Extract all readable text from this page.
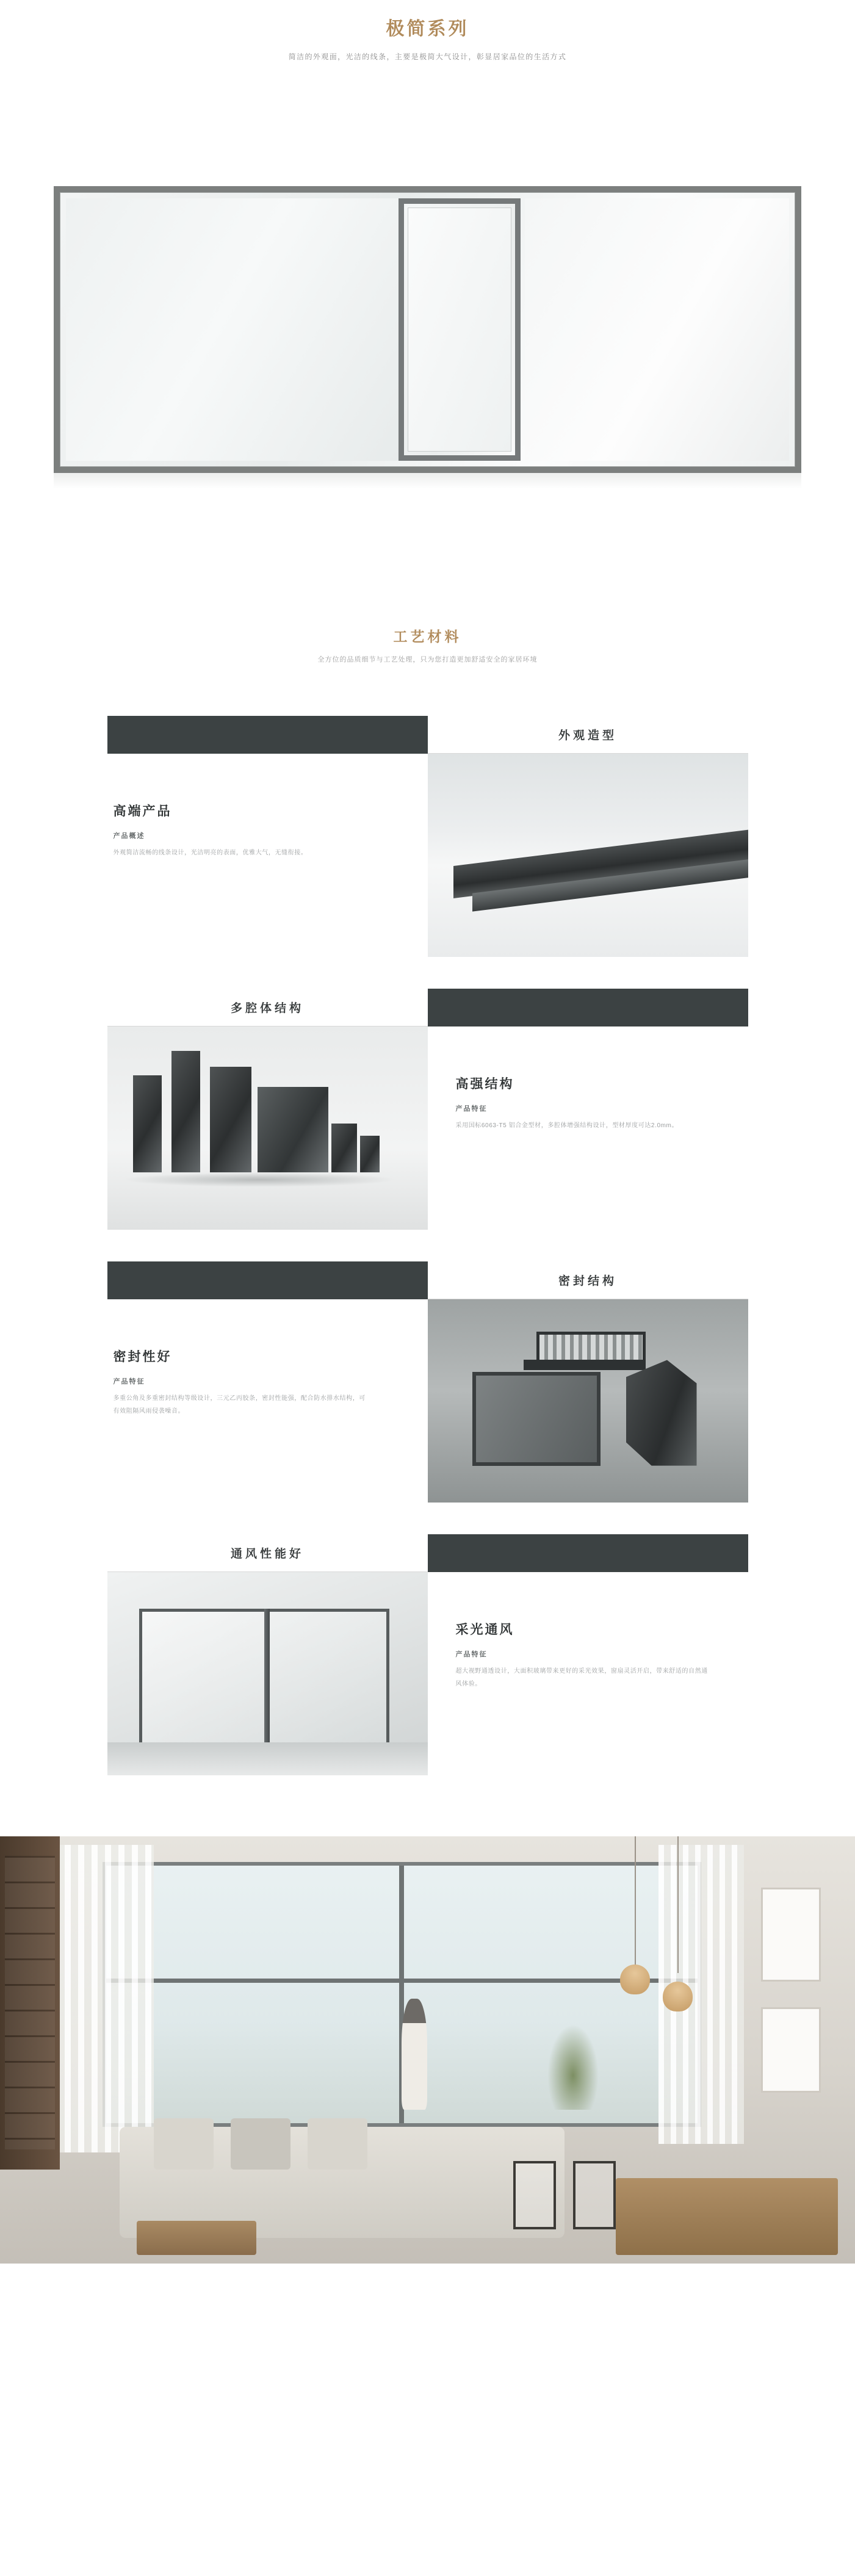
极简系列

简洁的外观面，光洁的线条，主要是极简大气设计，彰显居家品位的生活方式

工艺材料

全方位的品质细节与工艺处理，只为您打造更加舒适安全的家居环境

高端产品
产品概述

外观简洁流畅的线条设计，光洁明亮的表面，优雅大气，无缝衔接。

外观造型
高强结构
产品特征

采用国标6063-T5 铝合金型材，多腔体增强结构设计，型材厚度可达2.0mm。

多腔体结构
密封性好
产品特征

多重公角及多重密封结构等级设计，三元乙丙胶条，密封性能强，配合防水排水结构，可有效阻隔风雨侵袭噪音。

密封结构
采光通风
产品特征

超大视野通透设计，大面积玻璃带来更好的采光效果，窗扇灵活开启，带来舒适的自然通风体验。

通风性能好
